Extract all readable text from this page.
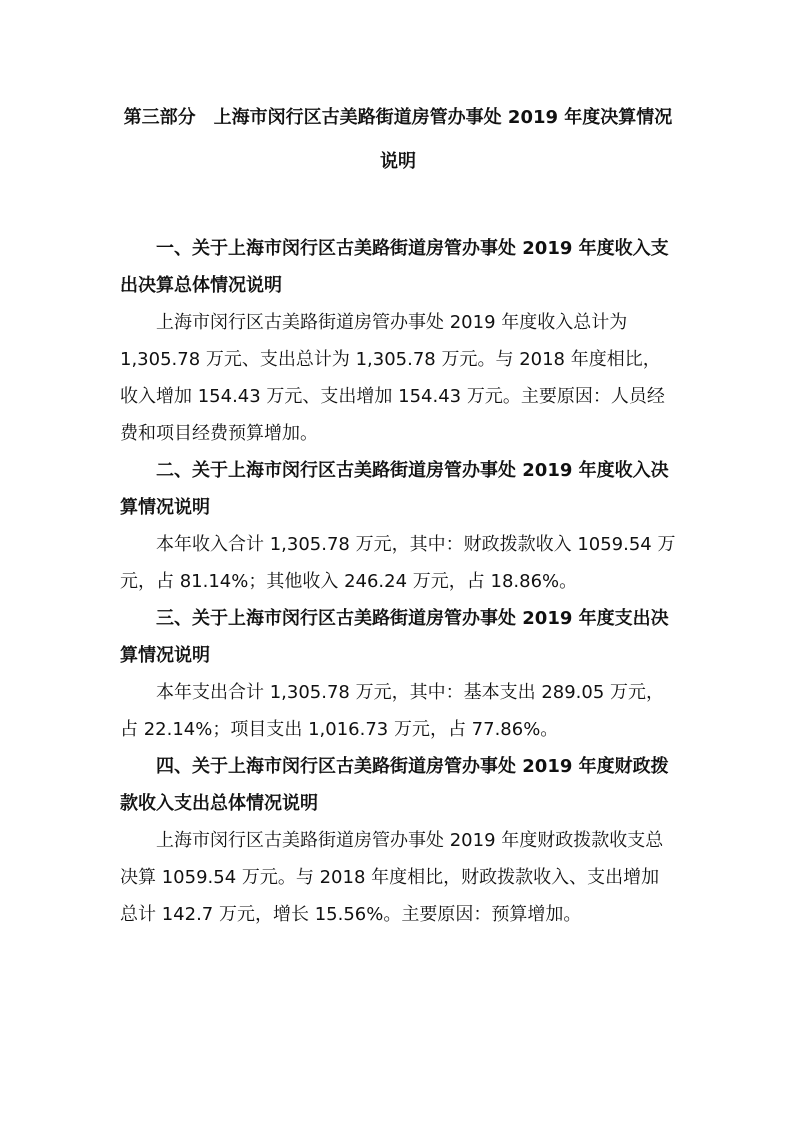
第三部分　上海市闵行区古美路街道房管办事处 2019 年度决算情况说明

一、关于上海市闵行区古美路街道房管办事处 2019 年度收入支出决算总体情况说明

上海市闵行区古美路街道房管办事处 2019 年度收入总计为 1,305.78 万元、支出总计为 1,305.78 万元。与 2018 年度相比，收入增加 154.43 万元、支出增加 154.43 万元。主要原因：人员经费和项目经费预算增加。

二、关于上海市闵行区古美路街道房管办事处 2019 年度收入决算情况说明

本年收入合计 1,305.78 万元，其中：财政拨款收入 1059.54 万元，占 81.14%；其他收入 246.24 万元，占 18.86%。

三、关于上海市闵行区古美路街道房管办事处 2019 年度支出决算情况说明

本年支出合计 1,305.78 万元，其中：基本支出 289.05 万元，占 22.14%；项目支出 1,016.73 万元，占 77.86%。

四、关于上海市闵行区古美路街道房管办事处 2019 年度财政拨款收入支出总体情况说明

上海市闵行区古美路街道房管办事处 2019 年度财政拨款收支总决算 1059.54 万元。与 2018 年度相比，财政拨款收入、支出增加总计 142.7 万元，增长 15.56%。主要原因：预算增加。
